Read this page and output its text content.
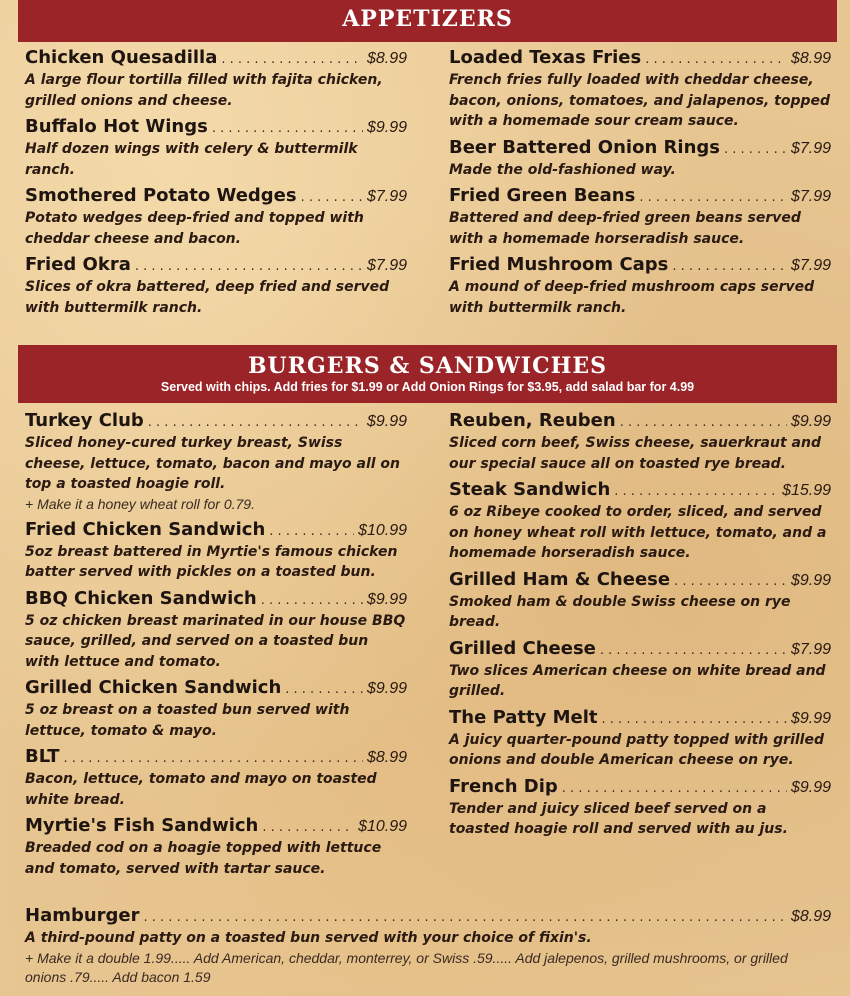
APPETIZERS
Chicken Quesadilla . . .	$8.99
A large flour tortilla filled with fajita chicken, grilled onions and cheese.
Buffalo Hot Wings . . .	$9.99
Half dozen wings with celery & buttermilk ranch.
Smothered Potato Wedges . . .	$7.99
Potato wedges deep-fried and topped with cheddar cheese and bacon.
Fried Okra . . .	$7.99
Slices of okra battered, deep fried and served with buttermilk ranch.
Loaded Texas Fries . . .	$8.99
French fries fully loaded with cheddar cheese, bacon, onions, tomatoes, and jalapenos, topped with a homemade sour cream sauce.
Beer Battered Onion Rings . . .	$7.99
Made the old-fashioned way.
Fried Green Beans . . .	$7.99
Battered and deep-fried green beans served with a homemade horseradish sauce.
Fried Mushroom Caps . . .	$7.99
A mound of deep-fried mushroom caps served with buttermilk ranch.
BURGERS & SANDWICHES
Served with chips. Add fries for $1.99 or Add Onion Rings for $3.95, add salad bar for 4.99
Turkey Club . . .	$9.99
Sliced honey-cured turkey breast, Swiss cheese, lettuce, tomato, bacon and mayo all on top a toasted hoagie roll.
+ Make it a honey wheat roll for 0.79.
Fried Chicken Sandwich . . .	$10.99
5oz breast battered in Myrtie's famous chicken batter served with pickles on a toasted bun.
BBQ Chicken Sandwich . . .	$9.99
5 oz chicken breast marinated in our house BBQ sauce, grilled, and served on a toasted bun with lettuce and tomato.
Grilled Chicken Sandwich . . .	$9.99
5 oz breast on a toasted bun served with lettuce, tomato & mayo.
BLT . . .	$8.99
Bacon, lettuce, tomato and mayo on toasted white bread.
Myrtie's Fish Sandwich . . .	$10.99
Breaded cod on a hoagie topped with lettuce and tomato, served with tartar sauce.
Reuben, Reuben . . .	$9.99
Sliced corn beef, Swiss cheese, sauerkraut and our special sauce all on toasted rye bread.
Steak Sandwich . . .	$15.99
6 oz Ribeye cooked to order, sliced, and served on honey wheat roll with lettuce, tomato, and a homemade horseradish sauce.
Grilled Ham & Cheese . . .	$9.99
Smoked ham & double Swiss cheese on rye bread.
Grilled Cheese . . .	$7.99
Two slices American cheese on white bread and grilled.
The Patty Melt . . .	$9.99
A juicy quarter-pound patty topped with grilled onions and double American cheese on rye.
French Dip . . .	$9.99
Tender and juicy sliced beef served on a toasted hoagie roll and served with au jus.
Hamburger . . .	$8.99
A third-pound patty on a toasted bun served with your choice of fixin's.
+ Make it a double 1.99..... Add American, cheddar, monterrey, or Swiss .59..... Add jalepenos, grilled mushrooms, or grilled onions .79..... Add bacon 1.59
